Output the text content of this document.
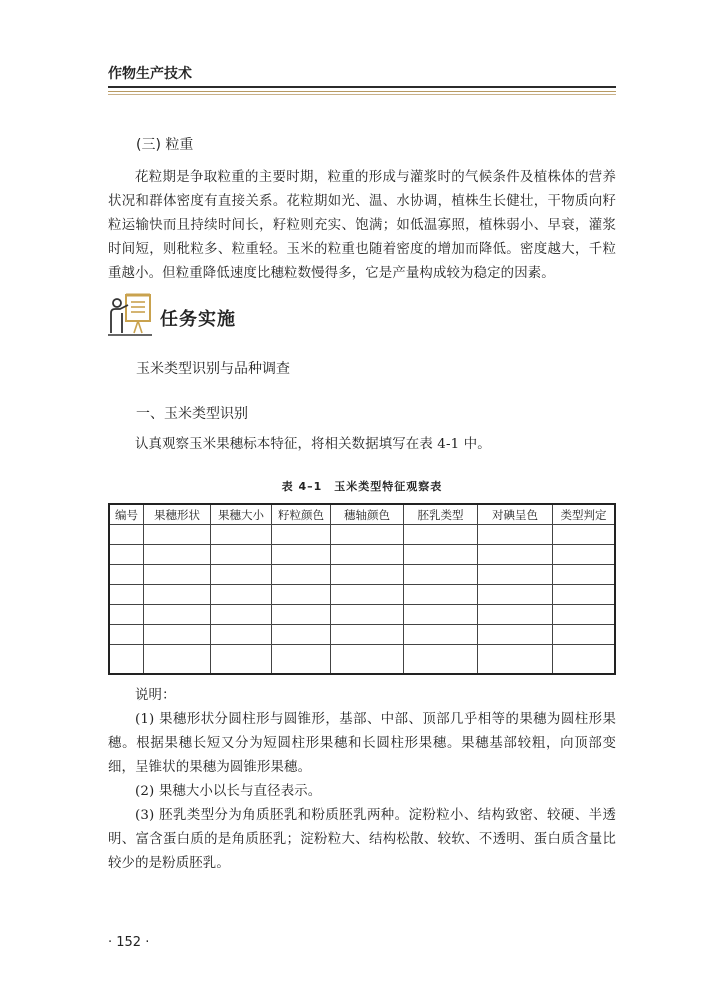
作物生产技术
(三) 粒重

花粒期是争取粒重的主要时期，粒重的形成与灌浆时的气候条件及植株体的营养状况和群体密度有直接关系。花粒期如光、温、水协调，植株生长健壮，干物质向籽粒运输快而且持续时间长，籽粒则充实、饱满；如低温寡照，植株弱小、早衰，灌浆时间短，则秕粒多、粒重轻。玉米的粒重也随着密度的增加而降低。密度越大，千粒重越小。但粒重降低速度比穗粒数慢得多，它是产量构成较为稳定的因素。

任务实施
玉米类型识别与品种调查
一、玉米类型识别

认真观察玉米果穗标本特征，将相关数据填写在表 4-1 中。

表 4–1　玉米类型特征观察表
编号	果穗形状	果穗大小	籽粒颜色	穗轴颜色	胚乳类型	对碘呈色	类型判定

说明：

(1) 果穗形状分圆柱形与圆锥形，基部、中部、顶部几乎相等的果穗为圆柱形果穗。根据果穗长短又分为短圆柱形果穗和长圆柱形果穗。果穗基部较粗，向顶部变细，呈锥状的果穗为圆锥形果穗。

(2) 果穗大小以长与直径表示。

(3) 胚乳类型分为角质胚乳和粉质胚乳两种。淀粉粒小、结构致密、较硬、半透明、富含蛋白质的是角质胚乳；淀粉粒大、结构松散、较软、不透明、蛋白质含量比较少的是粉质胚乳。

· 152 ·
